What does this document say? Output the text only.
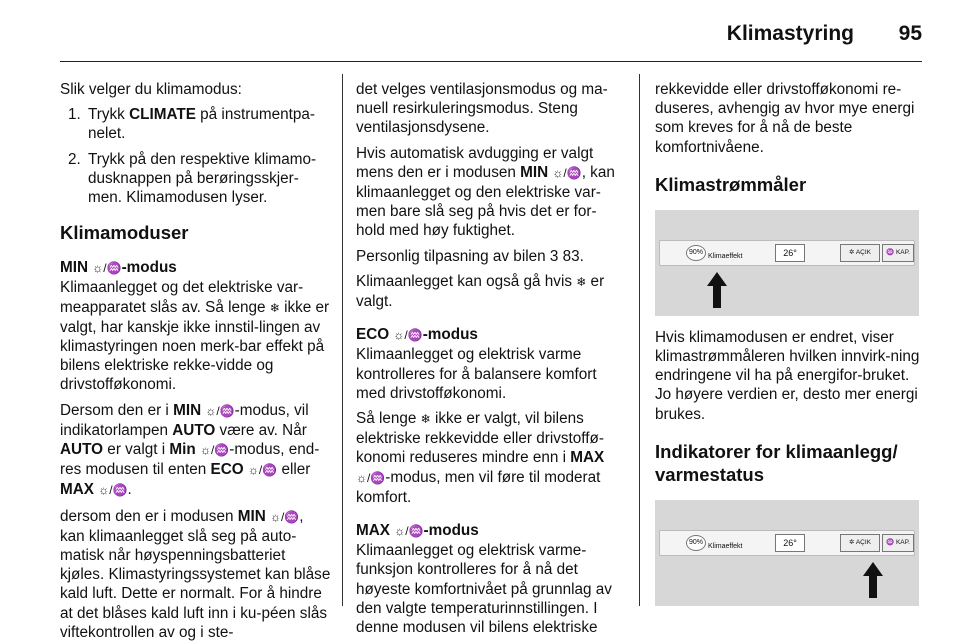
Klimastyring 95

Slik velger du klimamodus:

1. Trykk CLIMATE på instrumentpa-nelet.
2. Trykk på den respektive klimamo-dusknappen på berøringsskjer-men. Klimamodusen lyser.
Klimamoduser
MIN ☼/♒-modus

Klimaanlegget og det elektriske var-meapparatet slås av. Så lenge ❄ ikke er valgt, har kanskje ikke innstil-lingen av klimastyringen noen merk-bar effekt på bilens elektriske rekke-vidde og drivstofføkonomi.

Dersom den er i MIN ☼/♒-modus, vil indikatorlampen AUTO være av. Når AUTO er valgt i Min ☼/♒-modus, end-res modusen til enten ECO ☼/♒ eller MAX ☼/♒.

dersom den er i modusen MIN ☼/♒, kan klimaanlegget slå seg på auto-matisk når høyspenningsbatteriet kjøles. Klimastyringssystemet kan blåse kald luft. Dette er normalt. For å hindre at det blåses kald luft inn i ku-péen slås viftekontrollen av og i ste-

det velges ventilasjonsmodus og ma-nuell resirkuleringsmodus. Steng ventilasjonsdysene.

Hvis automatisk avdugging er valgt mens den er i modusen MIN ☼/♒, kan klimaanlegget og den elektriske var-men bare slå seg på hvis det er for-hold med høy fuktighet.

Personlig tilpasning av bilen 3 83.

Klimaanlegget kan også gå hvis ❄ er valgt.

ECO ☼/♒-modus

Klimaanlegget og elektrisk varme kontrolleres for å balansere komfort med drivstofføkonomi.

Så lenge ❄ ikke er valgt, vil bilens elektriske rekkevidde eller drivstoffø-konomi reduseres mindre enn i MAX ☼/♒-modus, men vil føre til moderat komfort.

MAX ☼/♒-modus

Klimaanlegget og elektrisk varme-funksjon kontrolleres for å nå det høyeste komfortnivået på grunnlag av den valgte temperaturinnstillingen. I denne modusen vil bilens elektriske

rekkevidde eller drivstofføkonomi re-duseres, avhengig av hvor mye energi som kreves for å nå de beste komfortnivåene.

Klimastrømmåler
90%
Klimaeffekt	26°	✲ AÇIK	♒ KAP.

Hvis klimamodusen er endret, viser klimastrømmåleren hvilken innvirk-ning endringene vil ha på energifor-bruket. Jo høyere verdien er, desto mer energi brukes.

Indikatorer for klimaanlegg/ varmestatus
90%
Klimaeffekt	26°	✲ AÇIK	♒ KAP.
